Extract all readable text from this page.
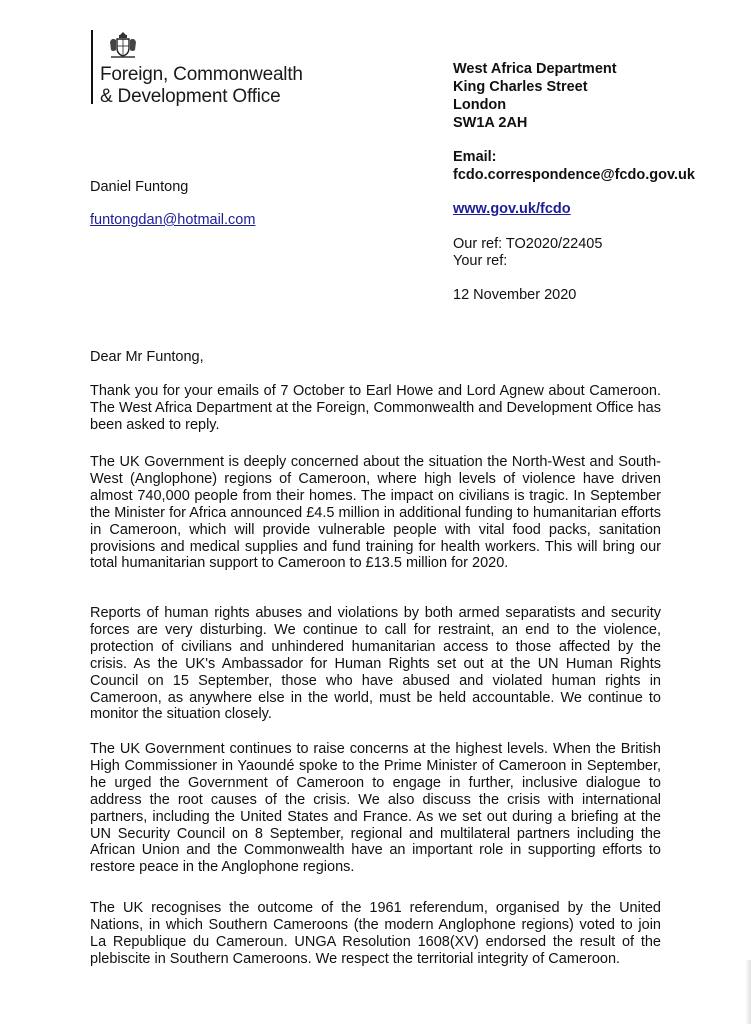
Foreign, Commonwealth
& Development Office
West Africa Department
King Charles Street
London
SW1A 2AH
Email:
fcdo.correspondence@fcdo.gov.uk
www.gov.uk/fcdo
Our ref: TO2020/22405
Your ref:
12 November 2020
Daniel Funtong
funtongdan@hotmail.com
Dear Mr Funtong,

Thank you for your emails of 7 October to Earl Howe and Lord Agnew about Cameroon. The West Africa Department at the Foreign, Commonwealth and Development Office has been asked to reply.

The UK Government is deeply concerned about the situation the North-West and South-West (Anglophone) regions of Cameroon, where high levels of violence have driven almost 740,000 people from their homes. The impact on civilians is tragic. In September the Minister for Africa announced £4.5 million in additional funding to humanitarian efforts in Cameroon, which will provide vulnerable people with vital food packs, sanitation provisions and medical supplies and fund training for health workers. This will bring our total humanitarian support to Cameroon to £13.5 million for 2020.

Reports of human rights abuses and violations by both armed separatists and security forces are very disturbing. We continue to call for restraint, an end to the violence, protection of civilians and unhindered humanitarian access to those affected by the crisis. As the UK's Ambassador for Human Rights set out at the UN Human Rights Council on 15 September, those who have abused and violated human rights in Cameroon, as anywhere else in the world, must be held accountable. We continue to monitor the situation closely.

The UK Government continues to raise concerns at the highest levels. When the British High Commissioner in Yaoundé spoke to the Prime Minister of Cameroon in September, he urged the Government of Cameroon to engage in further, inclusive dialogue to address the root causes of the crisis. We also discuss the crisis with international partners, including the United States and France. As we set out during a briefing at the UN Security Council on 8 September, regional and multilateral partners including the African Union and the Commonwealth have an important role in supporting efforts to restore peace in the Anglophone regions.

The UK recognises the outcome of the 1961 referendum, organised by the United Nations, in which Southern Cameroons (the modern Anglophone regions) voted to join La Republique du Cameroun. UNGA Resolution 1608(XV) endorsed the result of the plebiscite in Southern Cameroons. We respect the territorial integrity of Cameroon.
